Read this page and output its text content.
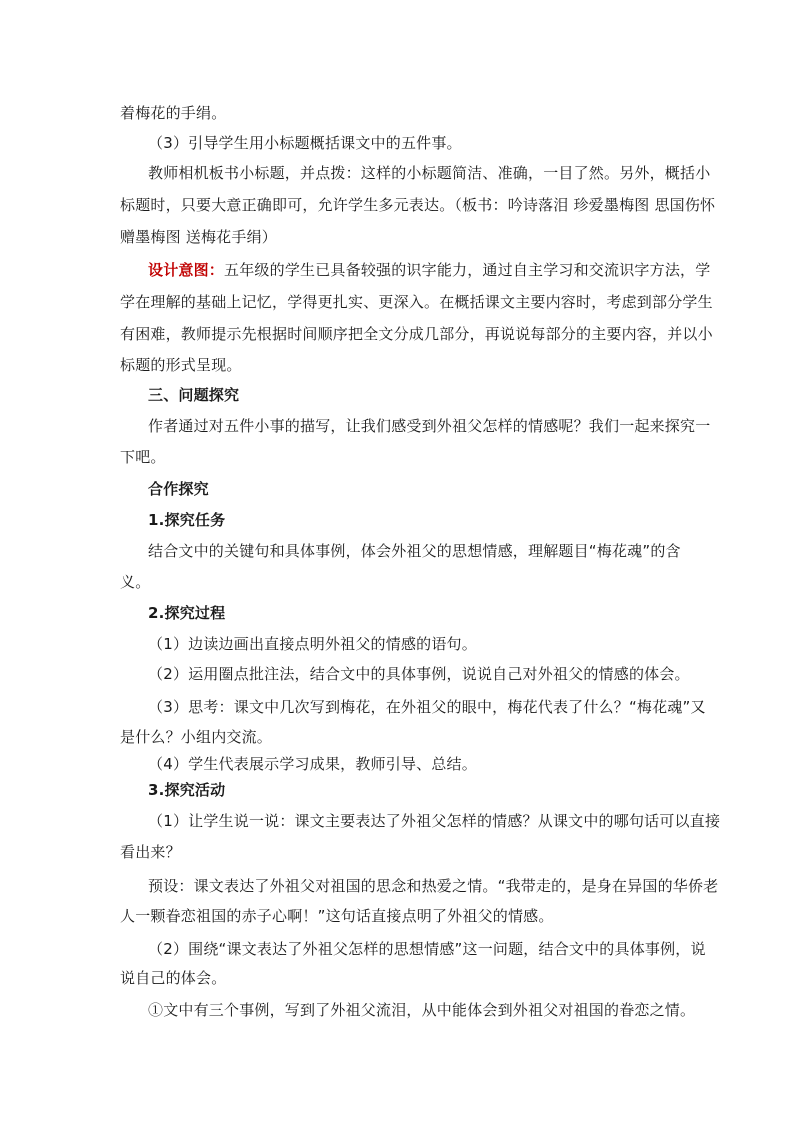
着梅花的手绢。
（3）引导学生用小标题概括课文中的五件事。
教师相机板书小标题，并点拨：这样的小标题简洁、准确，一目了然。另外，概括小
标题时，只要大意正确即可，允许学生多元表达。（板书：吟诗落泪 珍爱墨梅图 思国伤怀
赠墨梅图 送梅花手绢）
设计意图：五年级的学生已具备较强的识字能力，通过自主学习和交流识字方法，学
学在理解的基础上记忆，学得更扎实、更深入。在概括课文主要内容时，考虑到部分学生
有困难，教师提示先根据时间顺序把全文分成几部分，再说说每部分的主要内容，并以小
标题的形式呈现。
三、问题探究
作者通过对五件小事的描写，让我们感受到外祖父怎样的情感呢？我们一起来探究一
下吧。
合作探究
1.探究任务
结合文中的关键句和具体事例，体会外祖父的思想情感，理解题目“梅花魂”的含
义。
2.探究过程
（1）边读边画出直接点明外祖父的情感的语句。
（2）运用圈点批注法，结合文中的具体事例，说说自己对外祖父的情感的体会。
（3）思考：课文中几次写到梅花，在外祖父的眼中，梅花代表了什么？“梅花魂”又
是什么？小组内交流。
（4）学生代表展示学习成果，教师引导、总结。
3.探究活动
（1）让学生说一说：课文主要表达了外祖父怎样的情感？从课文中的哪句话可以直接
看出来？
预设：课文表达了外祖父对祖国的思念和热爱之情。“我带走的，是身在异国的华侨老
人一颗眷恋祖国的赤子心啊！”这句话直接点明了外祖父的情感。
（2）围绕“课文表达了外祖父怎样的思想情感”这一问题，结合文中的具体事例，说
说自己的体会。
①文中有三个事例，写到了外祖父流泪，从中能体会到外祖父对祖国的眷恋之情。
